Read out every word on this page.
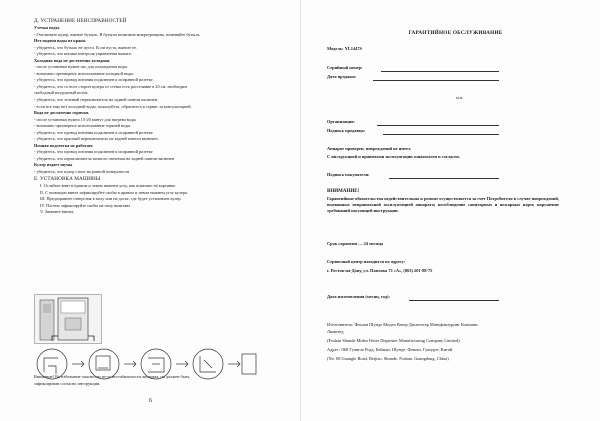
Д. УСТРАНЕНИЕ НЕИСПРАВНОСТЕЙ
Утечка воды.
- Отключите кулер, выньте бутыль. В бутыли возможна микротрещина, поменяйте бутыль.
Нет подачи воды из крана.
- убедитесь, что бутыль не пуста. Если пуста, выньте ее.
- убедитесь, что кнопка контроля управления нажата.
Холодная вода не достаточно холодная.
- после установки нужен час для охлаждения воды.
- возможно чрезмерное использование холодной воды.
- убедитесь, что провод питания подключен к исправной розетке.
- убедитесь, что со всех сторон кулера от стены есть расстояние в 20 см, необходим
свободный воздушный поток.
- убедитесь, что зеленый переключатель на задней панели включен.
- если все еще нет холодной воды, пожалуйста, обратитесь в сервис за консультацией.
Вода не достаточно горячая.
- после установки нужно 15-20 минут для нагрева воды
- возможно чрезмерное использование горячей воды.
- убедитесь, что провод питания подключен к исправной розетке
- убедитесь, что красный переключатель на задней панели включен.
Ночная подсветка не работает
- убедитесь, что провод питания подключен к исправной розетке
- убедитесь, что переключатель ночного свечения на задней панели включен
Кулер издает шумы
- убедитесь, что кулер стоит на ровной поверхности
Е. УСТАНОВКА МАШИНЫ
I. Ослабьте винт в правом и левом нижнем углу, как показано на картинке.
II. С помощью винта зафиксируйте скобы в правом и левом нижнем углу кулера.
III. Предохраните отверстия в полу или на доске, где будет установлен кулер.
IV. Плотно зафиксируйте скобы на полу винтами.
V. Затяните винты.
Внимание! Во избежание опасности из-за нестабильности аппарата, он должен быть
зафиксирован согласно инструкции.
6
ГАРАНТИЙНОЕ ОБСЛУЖИВАНИЕ
Модель: YL1447S
Серийный номер:
Дата продажи:
м.п.
Организация:
Подпись продавца:
Аппарат проверен, повреждений не имеет.
С инструкцией и правилами эксплуатации ознакомлен и согласен.
Подпись покупателя:
ВНИМАНИЕ!
Гарантийные обязательства недействительны и ремонт осуществляется за счет Потребителя в случае повреждений, вызванных неправильной эксплуатацией аппарата; несоблюдение санитарных и пожарных норм; нарушение требований настоящей инструкции.
Срок гарантии — 24 месяца
Сервисный центр находится по адресу:
г. Ростов-на-Дону, ул. Павлова 73 «А», (863) 201-88-75
Дата изготовления (месяц, год):
Изготовитель: Фошан Шунде Мидеа Ватер Диспенсер Мануфактуринг Компани
Лимитед
(Foshan Shunde Midea Water Dispenser Manufacturing Company Limited)
Адрес: Л68 Гуангле Роуд, Бейжяо, Шунде, Фошан, Гуандун, Китай
(No. 68 Guangle Road, Beijiao, Shunde, Foshan, Guangdong, China)
